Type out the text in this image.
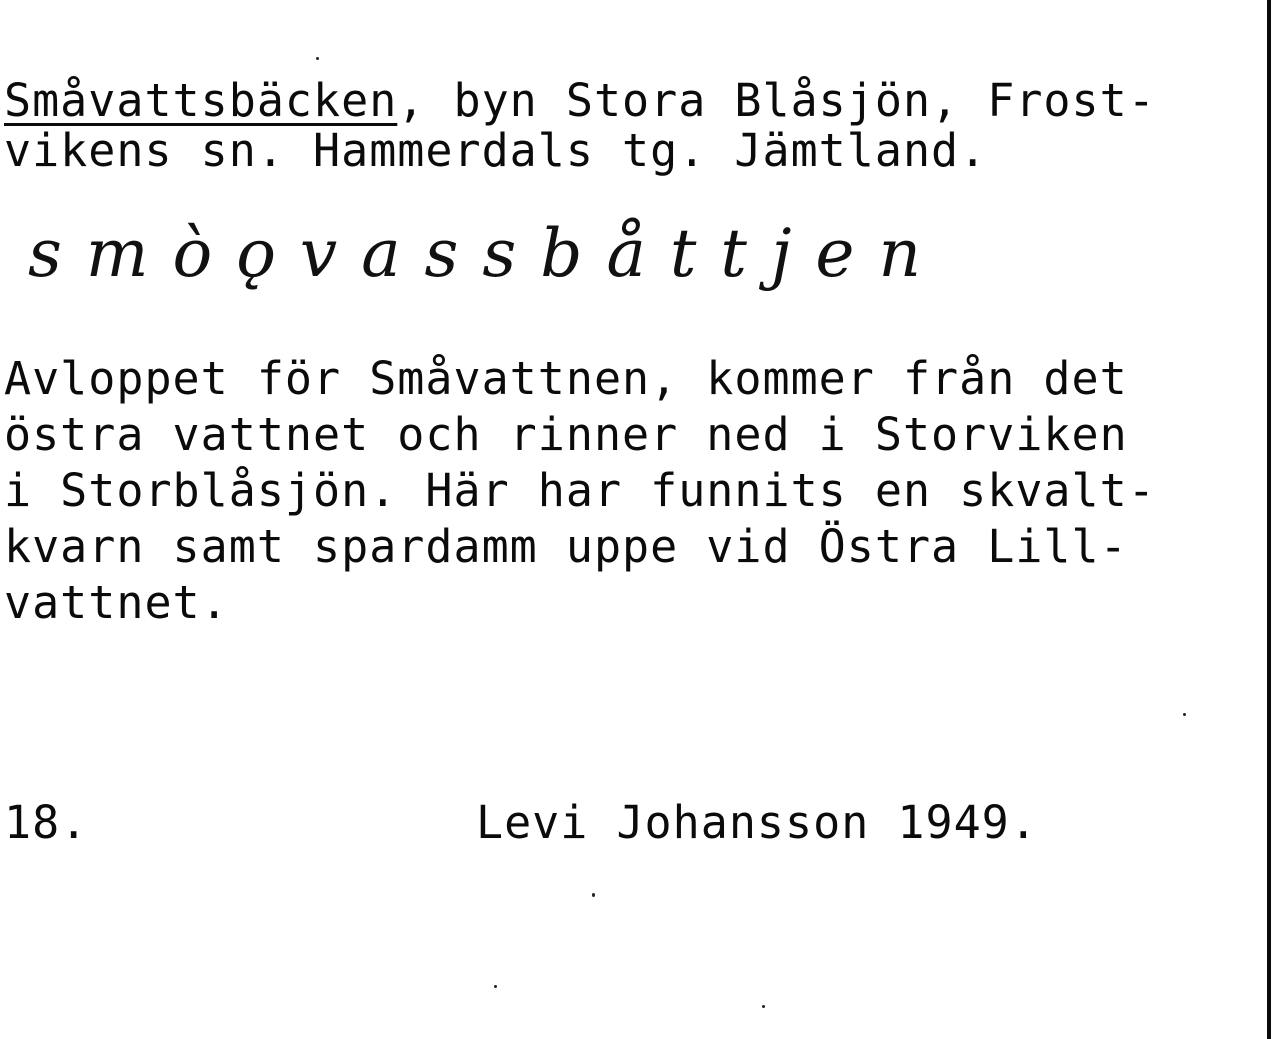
Småvattsbäcken, byn Stora Blåsjön, Frost-
vikens sn. Hammerdals tg. Jämtland.
smòǫvassbåttjen
Avloppet för Småvattnen, kommer från det
östra vattnet och rinner ned i Storviken
i Storblåsjön. Här har funnits en skvalt-
kvarn samt spardamm uppe vid Östra Lill-
vattnet.
18.	Levi Johansson 1949.
